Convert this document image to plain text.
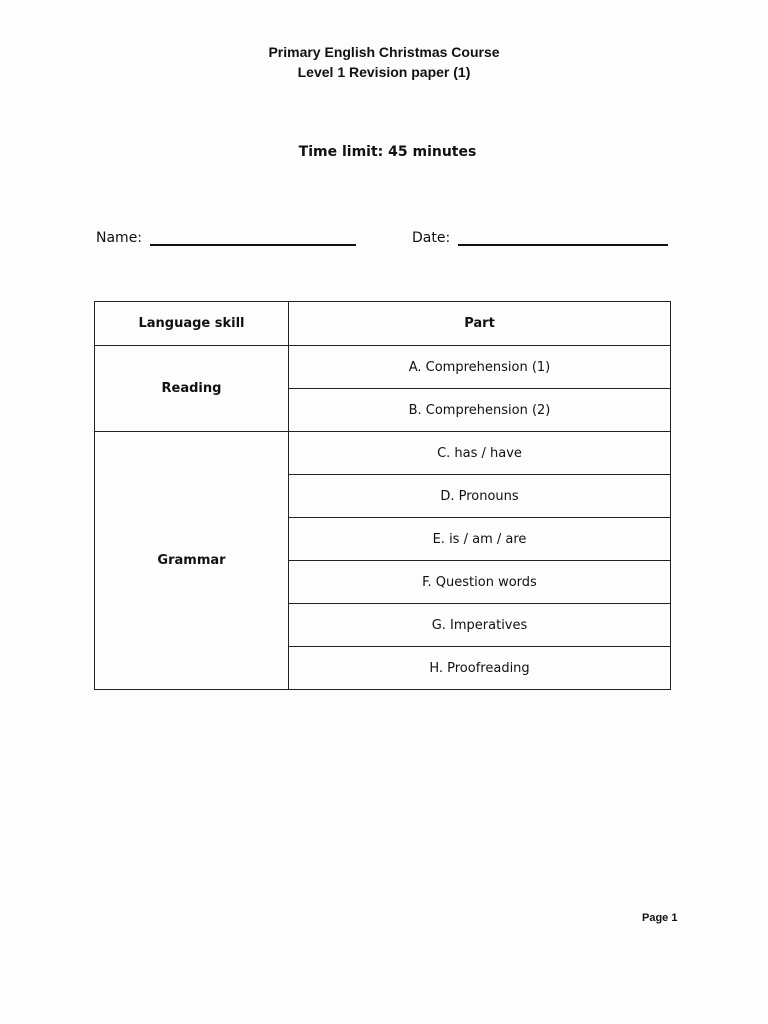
Primary English Christmas Course
Level 1 Revision paper (1)
Time limit: 45 minutes
Name:	Date:
Language skill	Part
Reading	A. Comprehension (1)
	B. Comprehension (2)
Grammar	C. has / have
	D. Pronouns
	E. is / am / are
	F. Question words
	G. Imperatives
	H. Proofreading
Page 1
